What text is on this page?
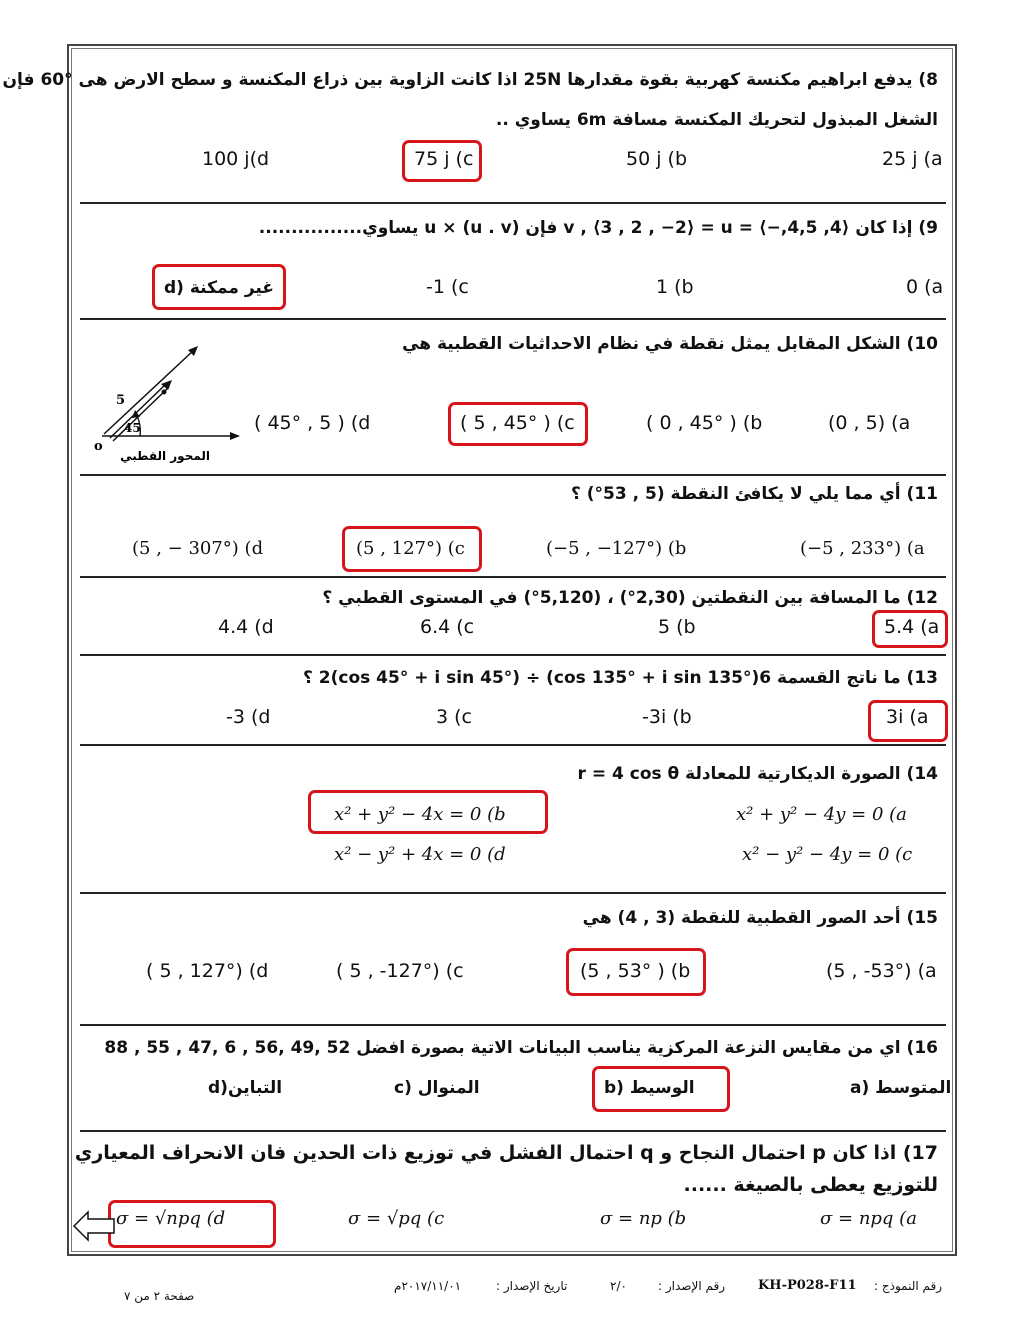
8) يدفع ابراهيم مكنسة كهربية بقوة مقدارها 25N اذا كانت الزاوية بين ذراع المكنسة و سطح الارض هى °60 فإن
الشغل المبذول لتحريك المكنسة مسافة 6m يساوي ..
25 j (a
50 j (b
75 j (c
100 j(d
9) إذا كان ⟨4, 4,5,−⟩ = v , ⟨3 , 2 , −2⟩ = u فإن (u . v) × u يساوي................
0 (a
1 (b
-1 (c
غير ممكنة (d
10) الشكل المقابل يمثل نقطة في نظام الاحداثيات القطبية هي
5
45
o
المحور القطبي
(0 , 5) (a
( 0 , 45° ) (b
( 5 , 45° ) (c
( 45° , 5 ) (d
11) أي مما يلي لا يكافئ النقطة (5 , 53°) ؟
(−5 , 233°) (a
(−5 , −127°) (b
(5 , 127°) (c
(5 , − 307°) (d
12) ما المسافة بين النقطتين (2,30°) ، (5,120°) في المستوى القطبي ؟
5.4 (a
5 (b
6.4 (c
4.4 (d
13) ما ناتج القسمة 6(cos 135° + i sin 135°) ÷ 2(cos 45° + i sin 45°) ؟
3i (a
-3i (b
3 (c
-3 (d
14) الصورة الديكارتية للمعادلة r = 4 cos θ
x² + y² − 4y = 0 (a
x² + y² − 4x = 0 (b
x² − y² − 4y = 0 (c
x² − y² + 4x = 0 (d
15) أحد الصور القطبية للنقطة (3 , 4) هي
(5 , -53°) (a
(5 , 53° ) (b
( 5 , -127°) (c
( 5 , 127°) (d
16) اي من مقايس النزعة المركزية يناسب البيانات الاتية بصورة افضل 52 ,49 ,56 , 6 ,47 , 55 , 88
المتوسط (a
الوسيط (b
المنوال (c
التباين(d
17) اذا كان p احتمال النجاح و q احتمال الفشل في توزيع ذات الحدين فان الانحراف المعياري
للتوزيع يعطى بالصيغة ......
σ = npq (a
σ = np (b
σ = √pq (c
σ = √npq (d
رقم النموذج :
KH-P028-F11
رقم الإصدار :
٢/٠
تاريخ الإصدار :
٢٠١٧/١١/٠١م
صفحة ٢ من ٧
